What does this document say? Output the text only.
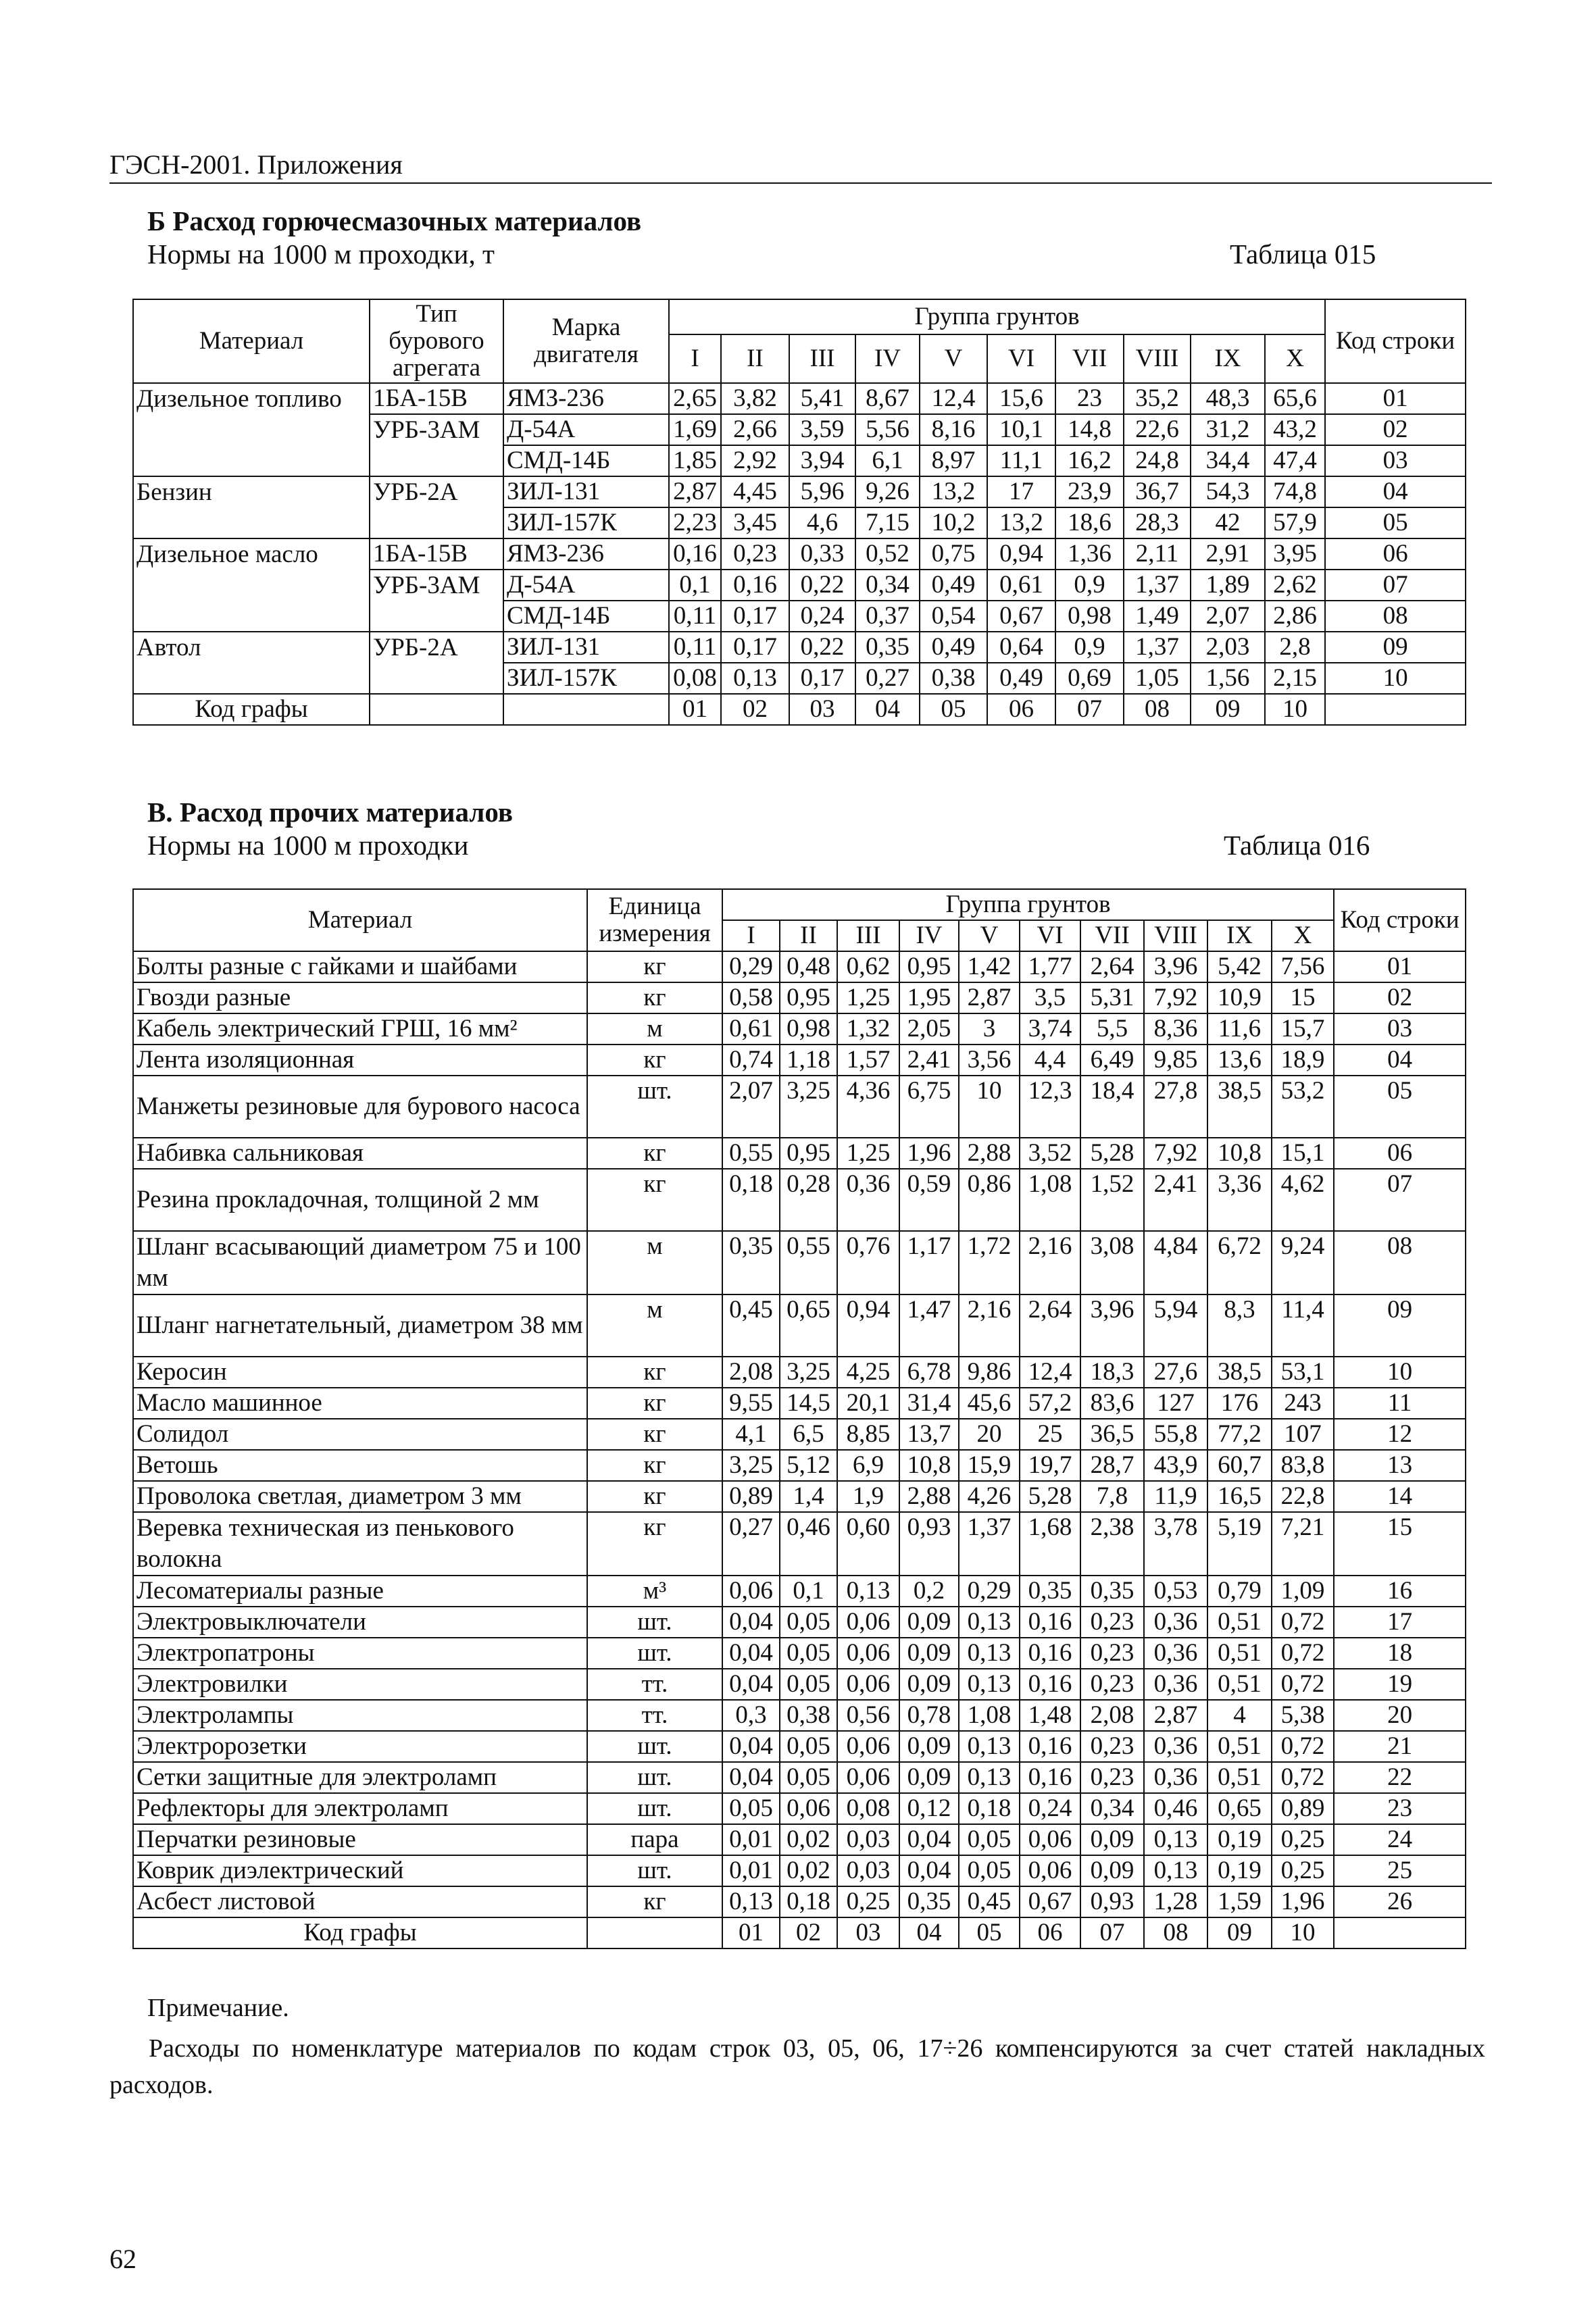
ГЭСН-2001. Приложения
Б Расход горючесмазочных материалов
Нормы на 1000 м проходки, т	Таблица 015
Материал	Тип бурового агрегата	Марка двигателя	Группа грунтов										Код строки
			I	II	III	IV	V	VI	VII	VIII	IX	X	
Дизельное топливо	1БА-15В	ЯМЗ-236	2,65	3,82	5,41	8,67	12,4	15,6	23	35,2	48,3	65,6	01
	УРБ-3АМ	Д-54А	1,69	2,66	3,59	5,56	8,16	10,1	14,8	22,6	31,2	43,2	02
		СМД-14Б	1,85	2,92	3,94	6,1	8,97	11,1	16,2	24,8	34,4	47,4	03
Бензин	УРБ-2А	ЗИЛ-131	2,87	4,45	5,96	9,26	13,2	17	23,9	36,7	54,3	74,8	04
		ЗИЛ-157К	2,23	3,45	4,6	7,15	10,2	13,2	18,6	28,3	42	57,9	05
Дизельное масло	1БА-15В	ЯМЗ-236	0,16	0,23	0,33	0,52	0,75	0,94	1,36	2,11	2,91	3,95	06
	УРБ-3АМ	Д-54А	0,1	0,16	0,22	0,34	0,49	0,61	0,9	1,37	1,89	2,62	07
		СМД-14Б	0,11	0,17	0,24	0,37	0,54	0,67	0,98	1,49	2,07	2,86	08
Автол	УРБ-2А	ЗИЛ-131	0,11	0,17	0,22	0,35	0,49	0,64	0,9	1,37	2,03	2,8	09
		ЗИЛ-157К	0,08	0,13	0,17	0,27	0,38	0,49	0,69	1,05	1,56	2,15	10
Код графы			01	02	03	04	05	06	07	08	09	10	
В. Расход прочих материалов
Нормы на 1000 м проходки	Таблица 016
Материал	Единица измерения	Группа грунтов										Код строки
		I	II	III	IV	V	VI	VII	VIII	IX	X	
Болты разные с гайками и шайбами	кг	0,29	0,48	0,62	0,95	1,42	1,77	2,64	3,96	5,42	7,56	01
Гвозди разные	кг	0,58	0,95	1,25	1,95	2,87	3,5	5,31	7,92	10,9	15	02
Кабель электрический ГРШ, 16 мм²	м	0,61	0,98	1,32	2,05	3	3,74	5,5	8,36	11,6	15,7	03
Лента изоляционная	кг	0,74	1,18	1,57	2,41	3,56	4,4	6,49	9,85	13,6	18,9	04
Манжеты резиновые для бурового насоса	шт.	2,07	3,25	4,36	6,75	10	12,3	18,4	27,8	38,5	53,2	05
Набивка сальниковая	кг	0,55	0,95	1,25	1,96	2,88	3,52	5,28	7,92	10,8	15,1	06
Резина прокладочная, толщиной 2 мм	кг	0,18	0,28	0,36	0,59	0,86	1,08	1,52	2,41	3,36	4,62	07
Шланг всасывающий диаметром 75 и 100 мм	м	0,35	0,55	0,76	1,17	1,72	2,16	3,08	4,84	6,72	9,24	08
Шланг нагнетательный, диаметром 38 мм	м	0,45	0,65	0,94	1,47	2,16	2,64	3,96	5,94	8,3	11,4	09
Керосин	кг	2,08	3,25	4,25	6,78	9,86	12,4	18,3	27,6	38,5	53,1	10
Масло машинное	кг	9,55	14,5	20,1	31,4	45,6	57,2	83,6	127	176	243	11
Солидол	кг	4,1	6,5	8,85	13,7	20	25	36,5	55,8	77,2	107	12
Ветошь	кг	3,25	5,12	6,9	10,8	15,9	19,7	28,7	43,9	60,7	83,8	13
Проволока светлая, диаметром 3 мм	кг	0,89	1,4	1,9	2,88	4,26	5,28	7,8	11,9	16,5	22,8	14
Веревка техническая из пенькового волокна	кг	0,27	0,46	0,60	0,93	1,37	1,68	2,38	3,78	5,19	7,21	15
Лесоматериалы разные	м³	0,06	0,1	0,13	0,2	0,29	0,35	0,35	0,53	0,79	1,09	16
Электровыключатели	шт.	0,04	0,05	0,06	0,09	0,13	0,16	0,23	0,36	0,51	0,72	17
Электропатроны	шт.	0,04	0,05	0,06	0,09	0,13	0,16	0,23	0,36	0,51	0,72	18
Электровилки	тт.	0,04	0,05	0,06	0,09	0,13	0,16	0,23	0,36	0,51	0,72	19
Электролампы	тт.	0,3	0,38	0,56	0,78	1,08	1,48	2,08	2,87	4	5,38	20
Электророзетки	шт.	0,04	0,05	0,06	0,09	0,13	0,16	0,23	0,36	0,51	0,72	21
Сетки защитные для электроламп	шт.	0,04	0,05	0,06	0,09	0,13	0,16	0,23	0,36	0,51	0,72	22
Рефлекторы для электроламп	шт.	0,05	0,06	0,08	0,12	0,18	0,24	0,34	0,46	0,65	0,89	23
Перчатки резиновые	пара	0,01	0,02	0,03	0,04	0,05	0,06	0,09	0,13	0,19	0,25	24
Коврик диэлектрический	шт.	0,01	0,02	0,03	0,04	0,05	0,06	0,09	0,13	0,19	0,25	25
Асбест листовой	кг	0,13	0,18	0,25	0,35	0,45	0,67	0,93	1,28	1,59	1,96	26
Код графы		01	02	03	04	05	06	07	08	09	10	
Примечание.
Расходы по номенклатуре материалов по кодам строк 03, 05, 06, 17÷26 компенсируются за счет статей накладных расходов.
62
